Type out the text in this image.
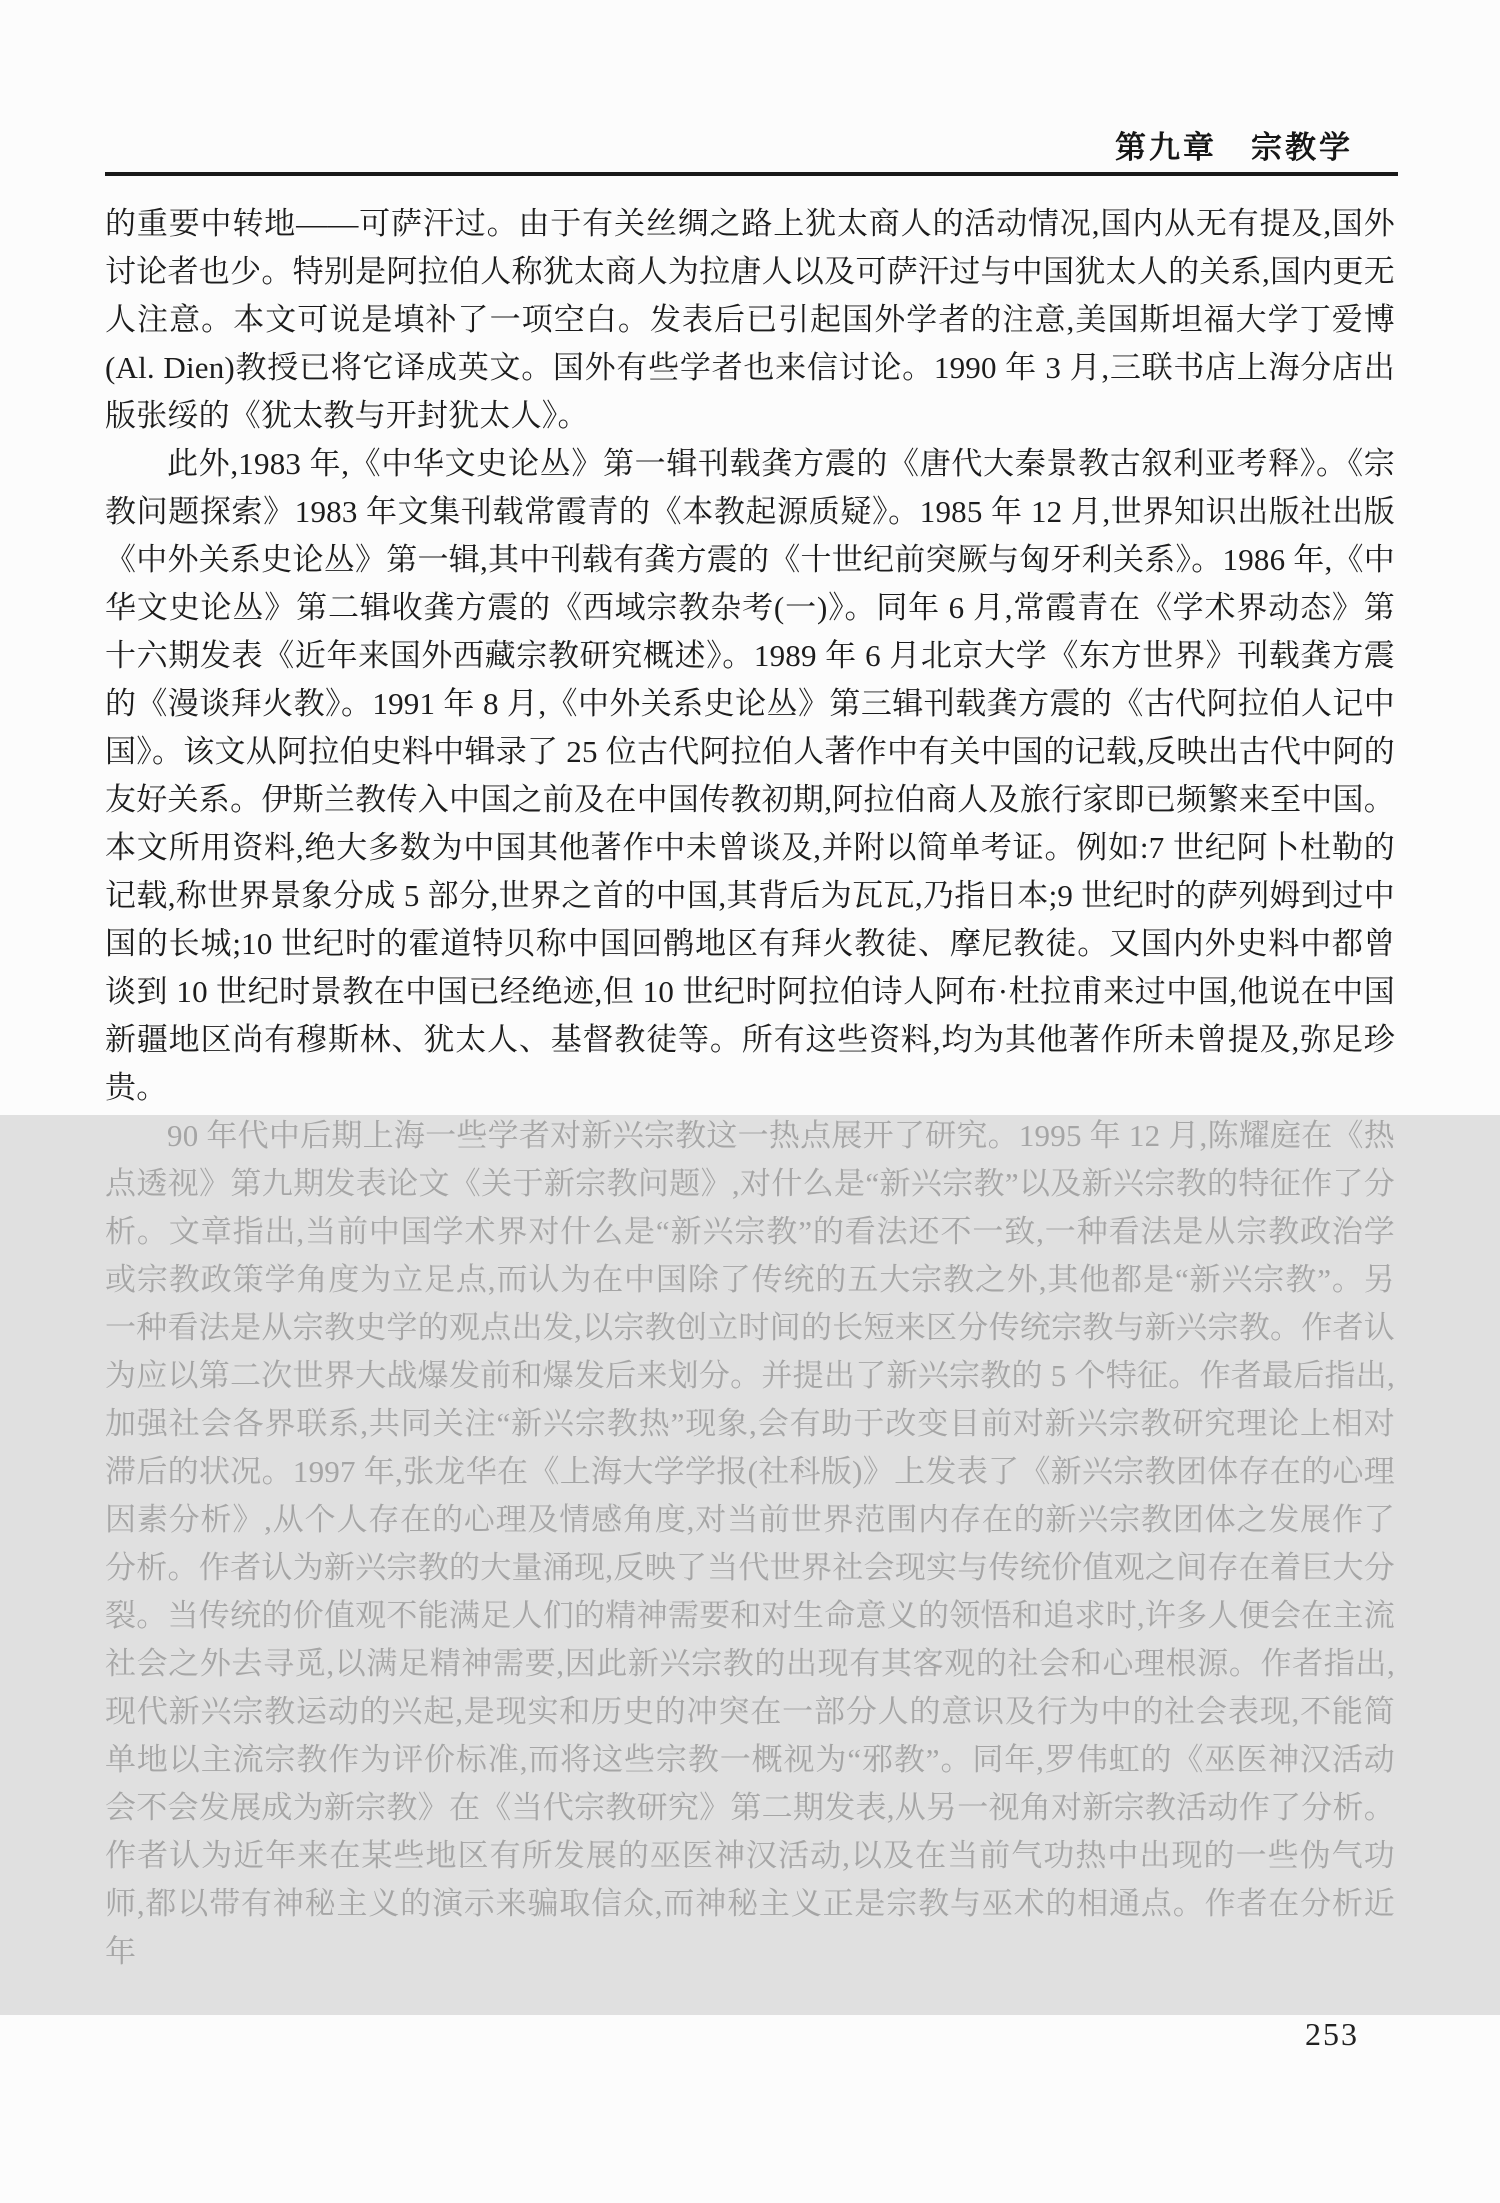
第九章　宗教学

的重要中转地——可萨汗过。由于有关丝绸之路上犹太商人的活动情况,国内从无有提及,国外讨论者也少。特别是阿拉伯人称犹太商人为拉唐人以及可萨汗过与中国犹太人的关系,国内更无人注意。本文可说是填补了一项空白。发表后已引起国外学者的注意,美国斯坦福大学丁爱博(Al. Dien)教授已将它译成英文。国外有些学者也来信讨论。1990 年 3 月,三联书店上海分店出版张绥的《犹太教与开封犹太人》。

此外,1983 年,《中华文史论丛》第一辑刊载龚方震的《唐代大秦景教古叙利亚考释》。《宗教问题探索》1983 年文集刊载常霞青的《本教起源质疑》。1985 年 12 月,世界知识出版社出版《中外关系史论丛》第一辑,其中刊载有龚方震的《十世纪前突厥与匈牙利关系》。1986 年,《中华文史论丛》第二辑收龚方震的《西域宗教杂考(一)》。同年 6 月,常霞青在《学术界动态》第十六期发表《近年来国外西藏宗教研究概述》。1989 年 6 月北京大学《东方世界》刊载龚方震的《漫谈拜火教》。1991 年 8 月,《中外关系史论丛》第三辑刊载龚方震的《古代阿拉伯人记中国》。该文从阿拉伯史料中辑录了 25 位古代阿拉伯人著作中有关中国的记载,反映出古代中阿的友好关系。伊斯兰教传入中国之前及在中国传教初期,阿拉伯商人及旅行家即已频繁来至中国。本文所用资料,绝大多数为中国其他著作中未曾谈及,并附以简单考证。例如:7 世纪阿卜杜勒的记载,称世界景象分成 5 部分,世界之首的中国,其背后为瓦瓦,乃指日本;9 世纪时的萨列姆到过中国的长城;10 世纪时的霍道特贝称中国回鹘地区有拜火教徒、摩尼教徒。又国内外史料中都曾谈到 10 世纪时景教在中国已经绝迹,但 10 世纪时阿拉伯诗人阿布·杜拉甫来过中国,他说在中国新疆地区尚有穆斯林、犹太人、基督教徒等。所有这些资料,均为其他著作所未曾提及,弥足珍贵。

90 年代中后期上海一些学者对新兴宗教这一热点展开了研究。1995 年 12 月,陈耀庭在《热点透视》第九期发表论文《关于新宗教问题》,对什么是“新兴宗教”以及新兴宗教的特征作了分析。文章指出,当前中国学术界对什么是“新兴宗教”的看法还不一致,一种看法是从宗教政治学或宗教政策学角度为立足点,而认为在中国除了传统的五大宗教之外,其他都是“新兴宗教”。另一种看法是从宗教史学的观点出发,以宗教创立时间的长短来区分传统宗教与新兴宗教。作者认为应以第二次世界大战爆发前和爆发后来划分。并提出了新兴宗教的 5 个特征。作者最后指出,加强社会各界联系,共同关注“新兴宗教热”现象,会有助于改变目前对新兴宗教研究理论上相对滞后的状况。1997 年,张龙华在《上海大学学报(社科版)》上发表了《新兴宗教团体存在的心理因素分析》,从个人存在的心理及情感角度,对当前世界范围内存在的新兴宗教团体之发展作了分析。作者认为新兴宗教的大量涌现,反映了当代世界社会现实与传统价值观之间存在着巨大分裂。当传统的价值观不能满足人们的精神需要和对生命意义的领悟和追求时,许多人便会在主流社会之外去寻觅,以满足精神需要,因此新兴宗教的出现有其客观的社会和心理根源。作者指出,现代新兴宗教运动的兴起,是现实和历史的冲突在一部分人的意识及行为中的社会表现,不能简单地以主流宗教作为评价标准,而将这些宗教一概视为“邪教”。同年,罗伟虹的《巫医神汉活动会不会发展成为新宗教》在《当代宗教研究》第二期发表,从另一视角对新宗教活动作了分析。作者认为近年来在某些地区有所发展的巫医神汉活动,以及在当前气功热中出现的一些伪气功师,都以带有神秘主义的演示来骗取信众,而神秘主义正是宗教与巫术的相通点。作者在分析近年

253
